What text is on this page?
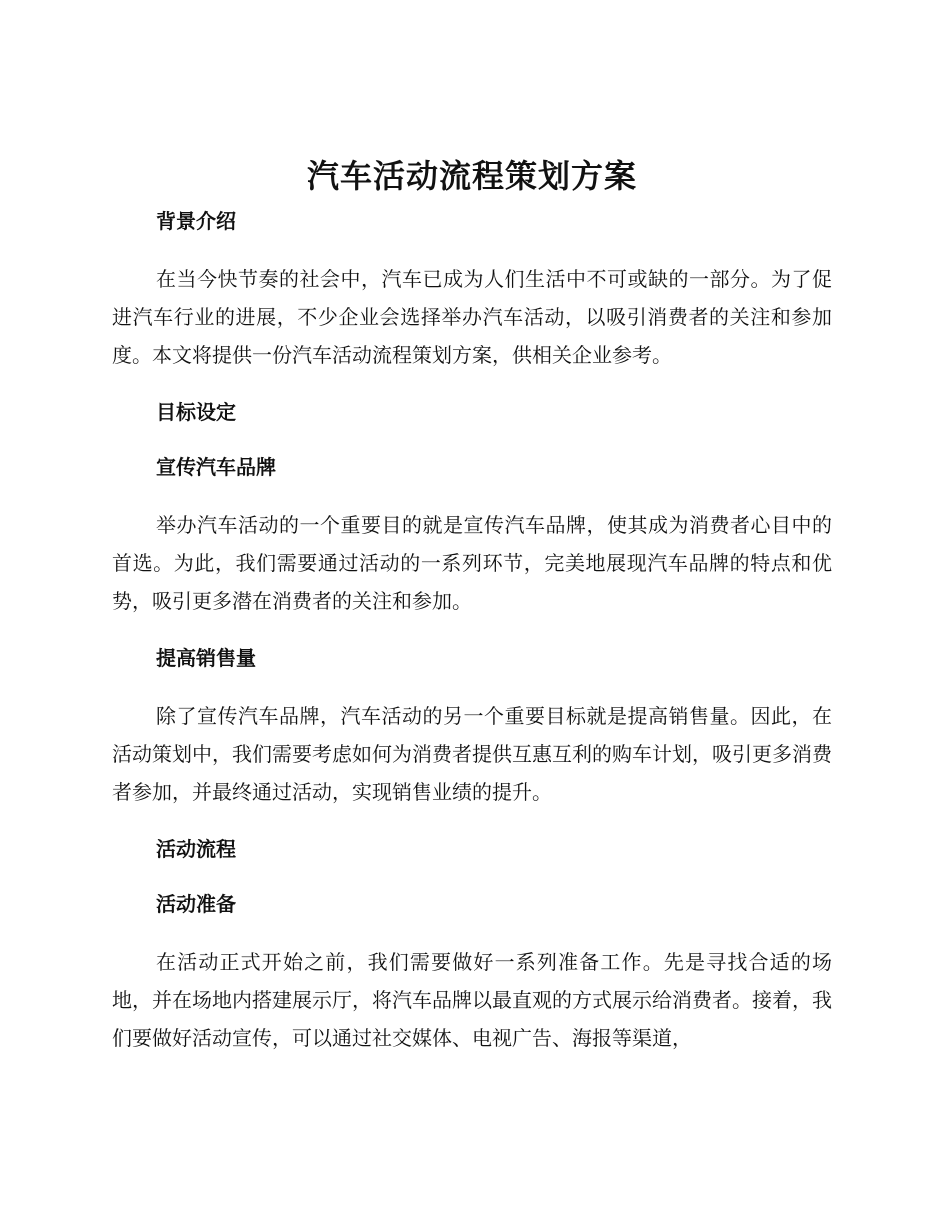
汽车活动流程策划方案
背景介绍

在当今快节奏的社会中，汽车已成为人们生活中不可或缺的一部分。为了促进汽车行业的进展，不少企业会选择举办汽车活动，以吸引消费者的关注和参加度。本文将提供一份汽车活动流程策划方案，供相关企业参考。

目标设定
宣传汽车品牌

举办汽车活动的一个重要目的就是宣传汽车品牌，使其成为消费者心目中的首选。为此，我们需要通过活动的一系列环节，完美地展现汽车品牌的特点和优势，吸引更多潜在消费者的关注和参加。

提高销售量

除了宣传汽车品牌，汽车活动的另一个重要目标就是提高销售量。因此，在活动策划中，我们需要考虑如何为消费者提供互惠互利的购车计划，吸引更多消费者参加，并最终通过活动，实现销售业绩的提升。

活动流程
活动准备

在活动正式开始之前，我们需要做好一系列准备工作。先是寻找合适的场地，并在场地内搭建展示厅，将汽车品牌以最直观的方式展示给消费者。接着，我们要做好活动宣传，可以通过社交媒体、电视广告、海报等渠道，
